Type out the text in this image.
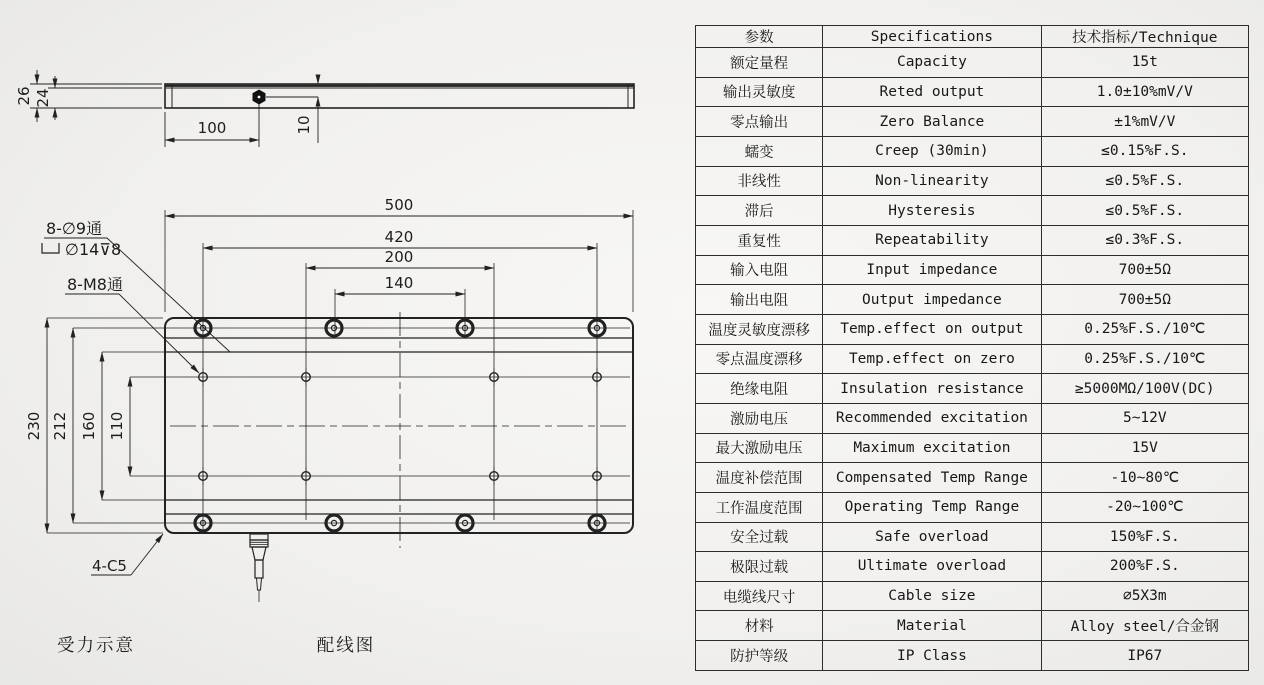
26 24
100	10
500
420
200
140
230 212 160 110
8-∅9通
∅14⊽8
8-M8通
4-C5
受力示意	配线图
参数	Specifications	技术指标/Technique
额定量程	Capacity	15t
输出灵敏度	Reted output	1.0±10%mV/V
零点输出	Zero Balance	±1%mV/V
蠕变	Creep (30min)	≤0.15%F.S.
非线性	Non-linearity	≤0.5%F.S.
滞后	Hysteresis	≤0.5%F.S.
重复性	Repeatability	≤0.3%F.S.
输入电阻	Input impedance	700±5Ω
输出电阻	Output impedance	700±5Ω
温度灵敏度漂移	Temp.effect on output	0.25%F.S./10℃
零点温度漂移	Temp.effect on zero	0.25%F.S./10℃
绝缘电阻	Insulation resistance	≥5000MΩ/100V(DC)
激励电压	Recommended excitation	5~12V
最大激励电压	Maximum excitation	15V
温度补偿范围	Compensated Temp Range	-10~80℃
工作温度范围	Operating Temp Range	-20~100℃
安全过载	Safe overload	150%F.S.
极限过载	Ultimate overload	200%F.S.
电缆线尺寸	Cable size	∅5X3m
材料	Material	Alloy steel/合金钢
防护等级	IP Class	IP67
